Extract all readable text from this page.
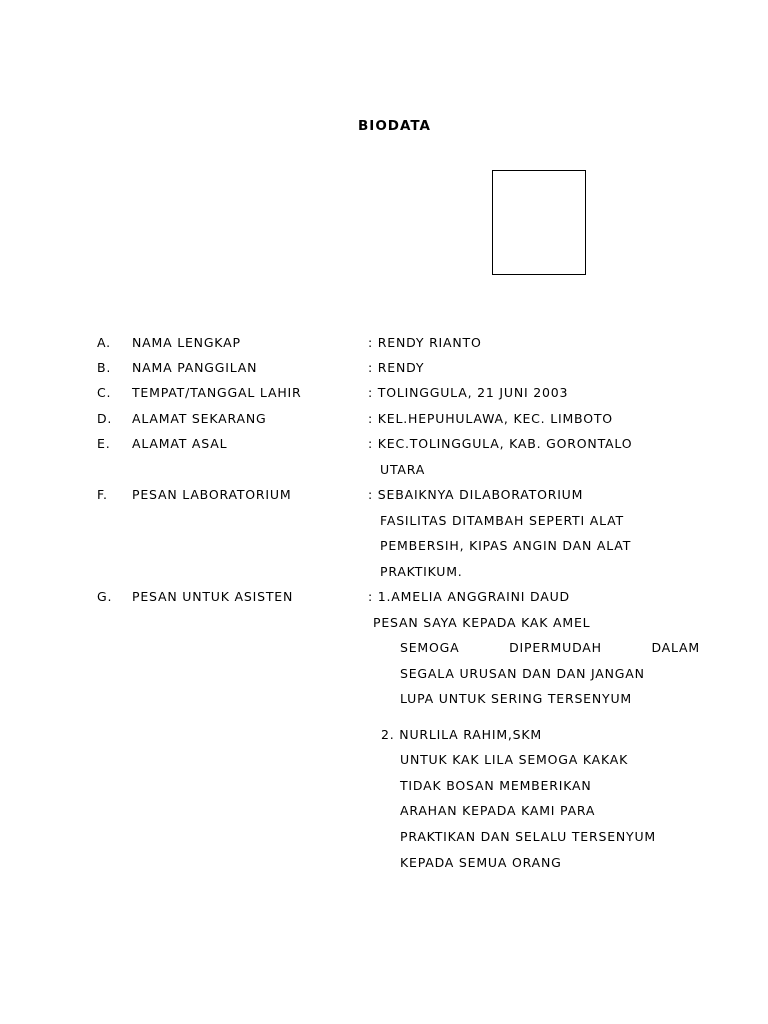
BIODATA
A. NAMA LENGKAP	: RENDY RIANTO
B. NAMA PANGGILAN	: RENDY
C. TEMPAT/TANGGAL LAHIR	: TOLINGGULA, 21 JUNI 2003
D. ALAMAT SEKARANG	: KEL.HEPUHULAWA, KEC. LIMBOTO
E. ALAMAT ASAL	: KEC.TOLINGGULA, KAB. GORONTALO
UTARA
F. PESAN LABORATORIUM	: SEBAIKNYA DILABORATORIUM
FASILITAS DITAMBAH SEPERTI ALAT
PEMBERSIH, KIPAS ANGIN DAN ALAT
PRAKTIKUM.
G. PESAN UNTUK ASISTEN	: 1.AMELIA ANGGRAINI DAUD
PESAN SAYA KEPADA KAK AMEL
SEMOGA	DIPERMUDAH	DALAM
SEGALA URUSAN DAN DAN JANGAN
LUPA UNTUK SERING TERSENYUM
2. NURLILA RAHIM,SKM
UNTUK KAK LILA SEMOGA KAKAK
TIDAK BOSAN MEMBERIKAN
ARAHAN KEPADA KAMI PARA
PRAKTIKAN DAN SELALU TERSENYUM
KEPADA SEMUA ORANG
